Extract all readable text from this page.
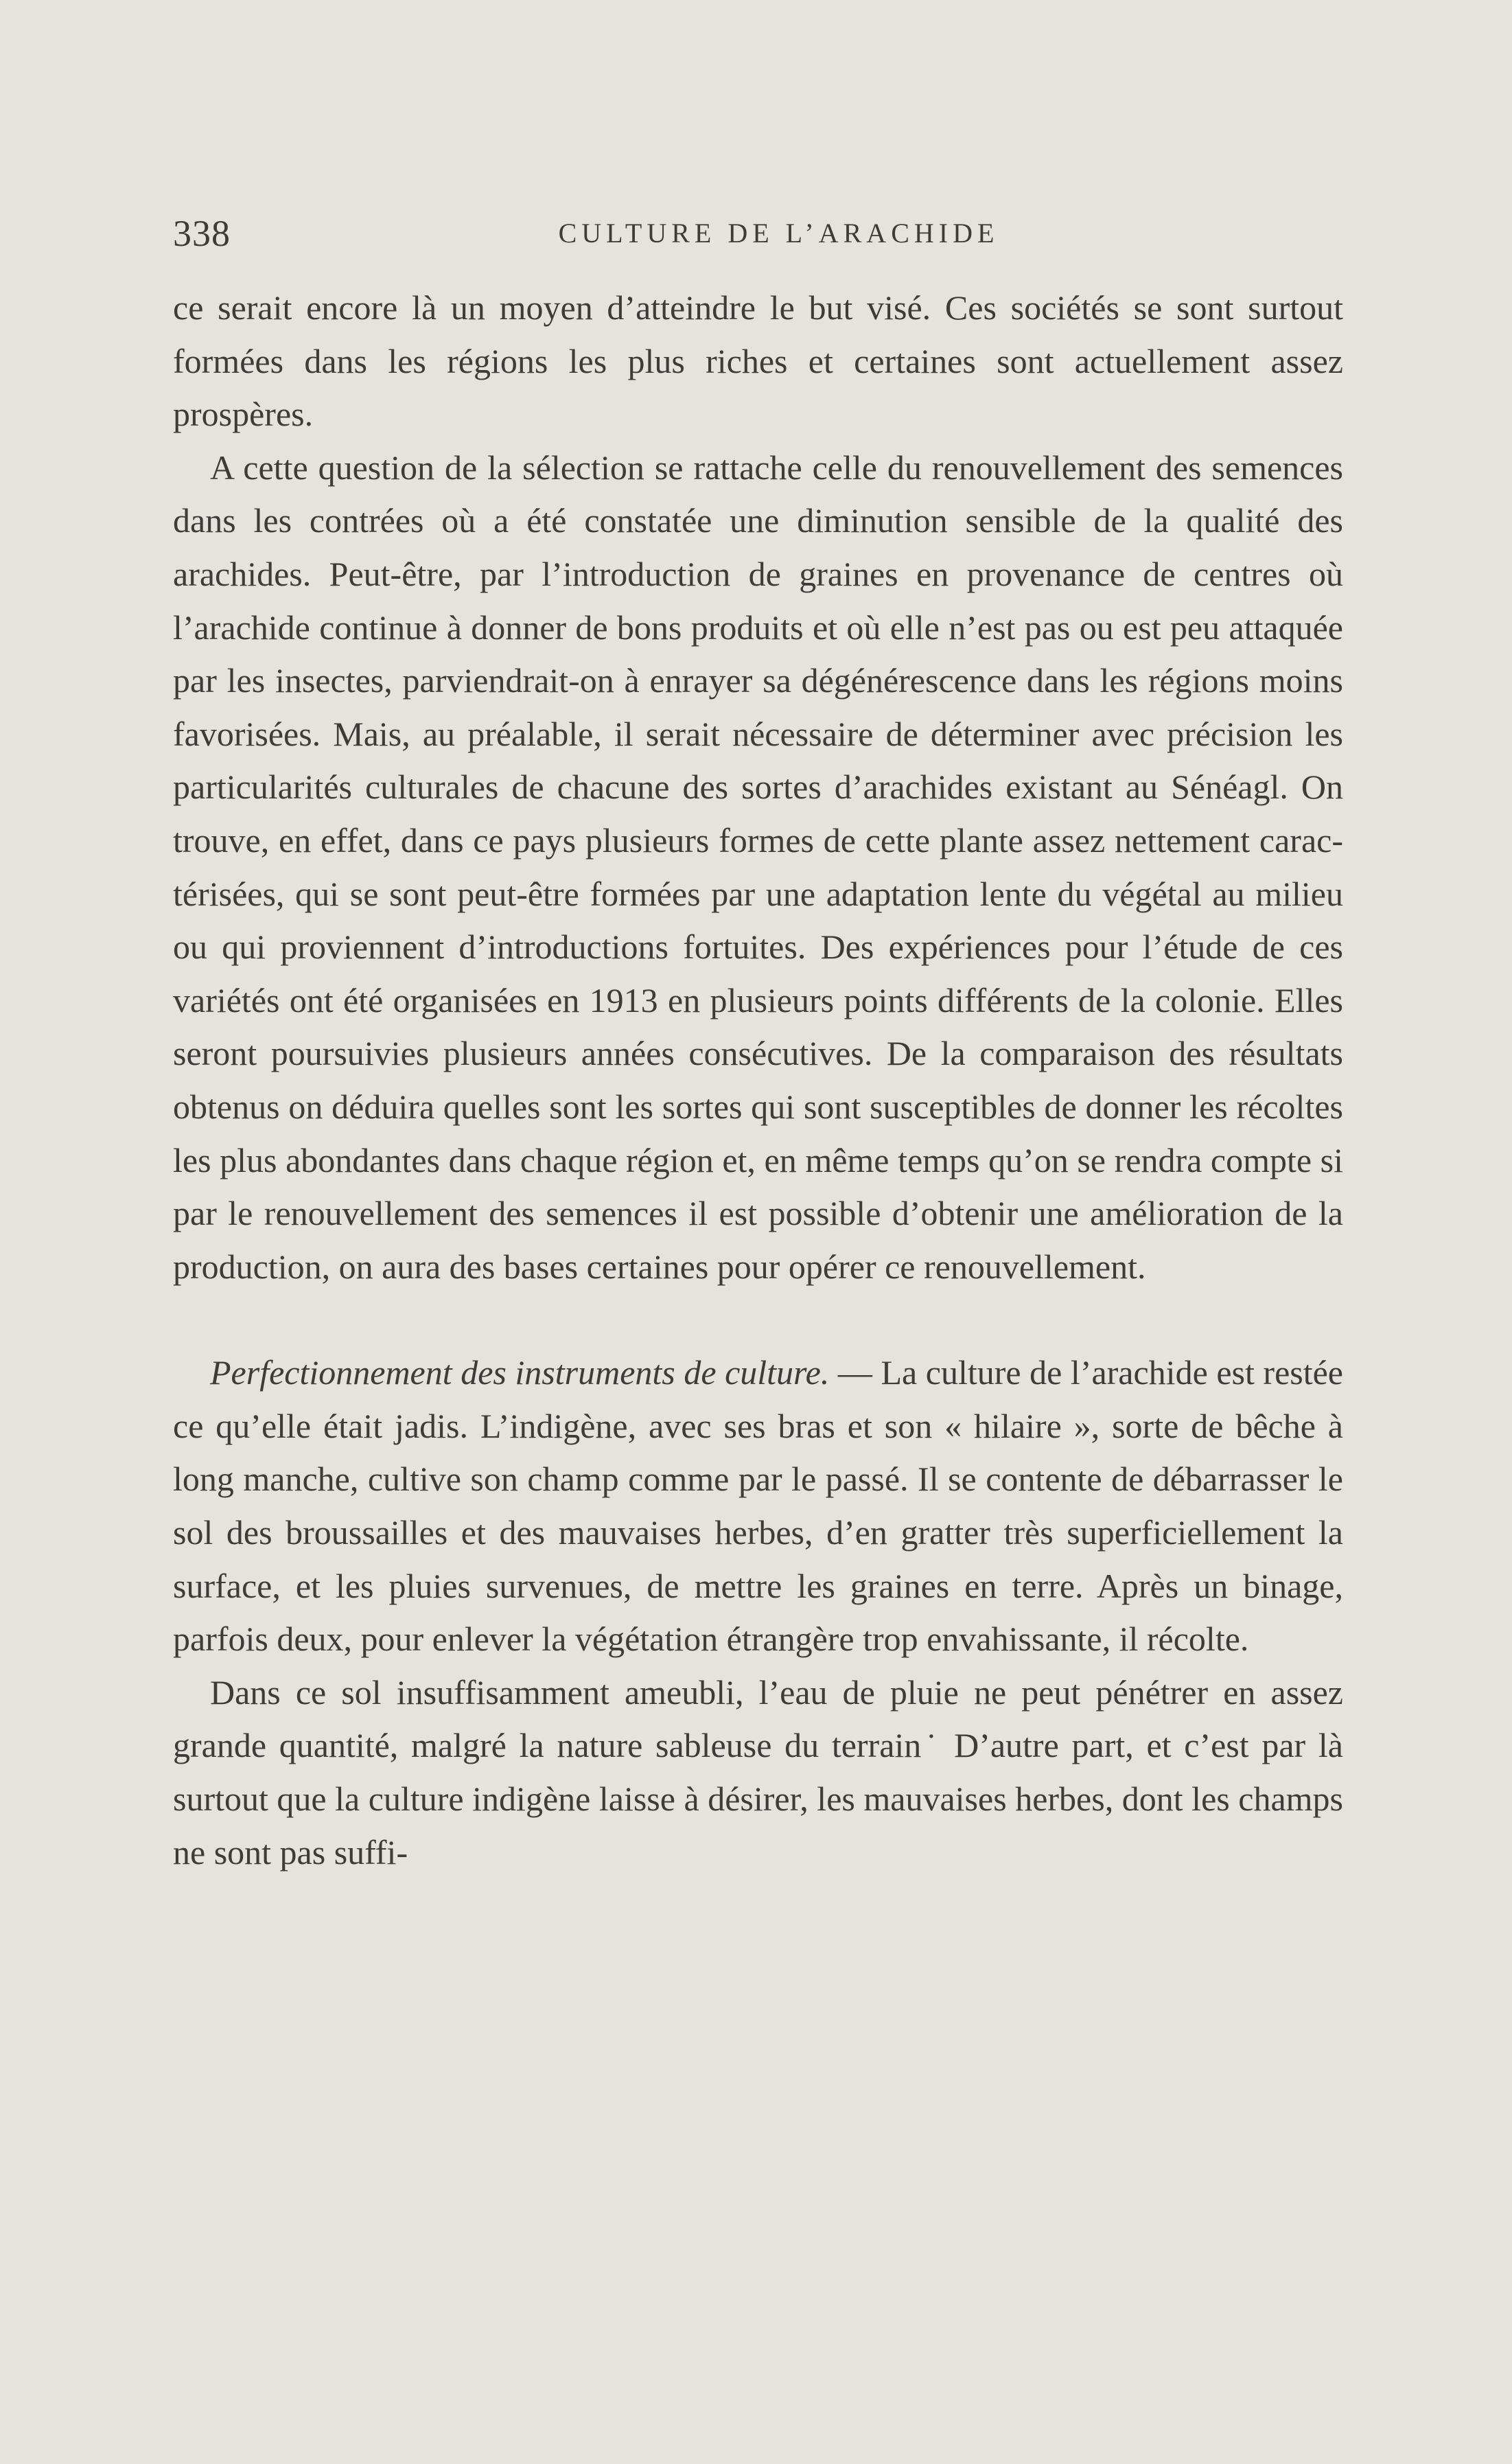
338	CULTURE DE L’ARACHIDE

ce serait encore là un moyen d’atteindre le but visé. Ces sociétés se sont surtout formées dans les régions les plus riches et certaines sont actuellement assez prospères.

A cette question de la sélection se rattache celle du renouvellement des semences dans les contrées où a été constatée une diminution sensible de la qualité des arachides. Peut-être, par l’introduction de graines en provenance de centres où l’arachide continue à donner de bons produits et où elle n’est pas ou est peu attaquée par les insectes, parviendrait-on à enrayer sa dégénérescence dans les régions moins favorisées. Mais, au préalable, il serait nécessaire de déterminer avec précision les particularités culturales de chacune des sortes d’arachides existant au Sénéagl. On trouve, en effet, dans ce pays plusieurs formes de cette plante assez nettement caractérisées, qui se sont peut-être formées par une adaptation lente du végétal au milieu ou qui proviennent d’introductions fortuites. Des expériences pour l’étude de ces variétés ont été organisées en 1913 en plusieurs points différents de la colonie. Elles seront poursuivies plusieurs années consécutives. De la comparaison des résultats obtenus on déduira quelles sont les sortes qui sont susceptibles de donner les récoltes les plus abondantes dans chaque région et, en même temps qu’on se rendra compte si par le renouvellement des semences il est possible d’obtenir une amélioration de la production, on aura des bases certaines pour opérer ce renouvellement.

Perfectionnement des instruments de culture. — La culture de l’arachide est restée ce qu’elle était jadis. L’indigène, avec ses bras et son « hilaire », sorte de bêche à long manche, cultive son champ comme par le passé. Il se contente de débarrasser le sol des broussailles et des mauvaises herbes, d’en gratter très superficiellement la surface, et les pluies survenues, de mettre les graines en terre. Après un binage, parfois deux, pour enlever la végétation étrangère trop envahissante, il récolte.

Dans ce sol insuffisamment ameubli, l’eau de pluie ne peut pénétrer en assez grande quantité, malgré la nature sableuse du terrain˙ D’autre part, et c’est par là surtout que la culture indigène laisse à désirer, les mauvaises herbes, dont les champs ne sont pas suffi-
